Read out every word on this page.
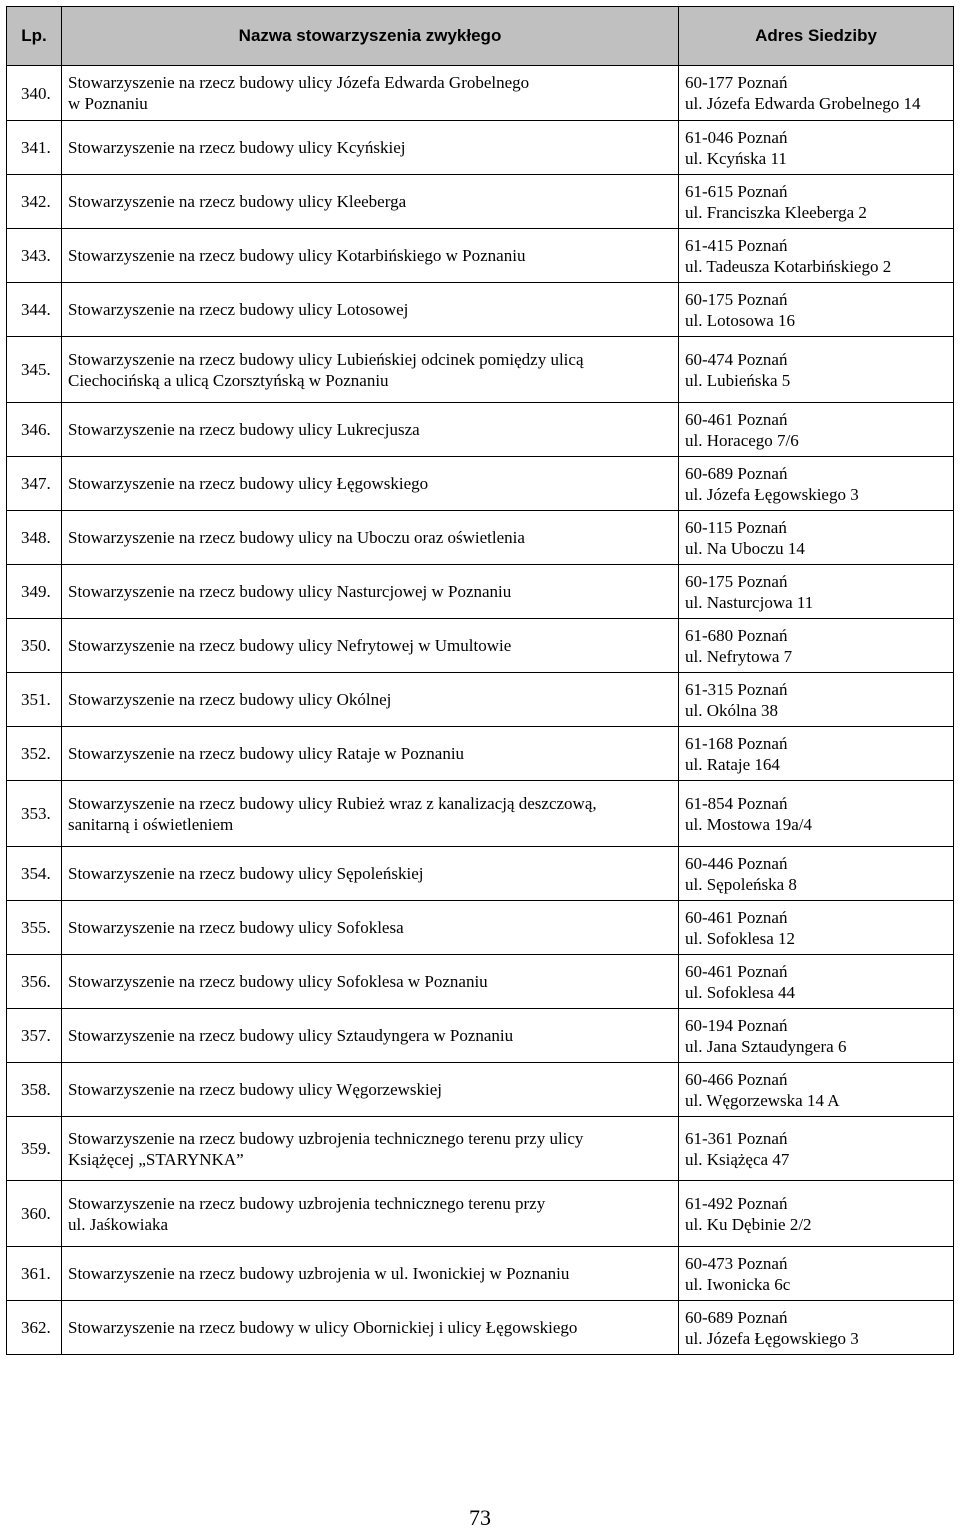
Lp.	Nazwa stowarzyszenia zwykłego	Adres Siedziby
340.	Stowarzyszenie na rzecz budowy ulicy Józefa Edwarda Grobelnego
w Poznaniu	60-177 Poznań
ul. Józefa Edwarda Grobelnego 14

341.	Stowarzyszenie na rzecz budowy ulicy Kcyńskiej	61-046 Poznań
ul. Kcyńska 11

342.	Stowarzyszenie na rzecz budowy ulicy Kleeberga	61-615 Poznań
ul. Franciszka Kleeberga 2

343.	Stowarzyszenie na rzecz budowy ulicy Kotarbińskiego w Poznaniu	61-415 Poznań
ul. Tadeusza Kotarbińskiego 2

344.	Stowarzyszenie na rzecz budowy ulicy Lotosowej	60-175 Poznań
ul. Lotosowa 16

345.	Stowarzyszenie na rzecz budowy ulicy Lubieńskiej odcinek pomiędzy ulicą
Ciechocińską a ulicą Czorsztyńską w Poznaniu	60-474 Poznań
ul. Lubieńska 5

346.	Stowarzyszenie na rzecz budowy ulicy Lukrecjusza	60-461 Poznań
ul. Horacego 7/6

347.	Stowarzyszenie na rzecz budowy ulicy Łęgowskiego	60-689 Poznań
ul. Józefa Łęgowskiego 3

348.	Stowarzyszenie na rzecz budowy ulicy na Uboczu oraz oświetlenia	60-115 Poznań
ul. Na Uboczu 14

349.	Stowarzyszenie na rzecz budowy ulicy Nasturcjowej w Poznaniu	60-175 Poznań
ul. Nasturcjowa 11

350.	Stowarzyszenie na rzecz budowy ulicy Nefrytowej w Umultowie	61-680 Poznań
ul. Nefrytowa 7

351.	Stowarzyszenie na rzecz budowy ulicy Okólnej	61-315 Poznań
ul. Okólna 38

352.	Stowarzyszenie na rzecz budowy ulicy Rataje w Poznaniu	61-168 Poznań
ul. Rataje 164

353.	Stowarzyszenie na rzecz budowy ulicy Rubież wraz z kanalizacją deszczową,
sanitarną i oświetleniem	61-854 Poznań
ul. Mostowa 19a/4

354.	Stowarzyszenie na rzecz budowy ulicy Sępoleńskiej	60-446 Poznań
ul. Sępoleńska 8

355.	Stowarzyszenie na rzecz budowy ulicy Sofoklesa	60-461 Poznań
ul. Sofoklesa 12

356.	Stowarzyszenie na rzecz budowy ulicy Sofoklesa w Poznaniu	60-461 Poznań
ul. Sofoklesa 44

357.	Stowarzyszenie na rzecz budowy ulicy Sztaudyngera w Poznaniu	60-194 Poznań
ul. Jana Sztaudyngera 6

358.	Stowarzyszenie na rzecz budowy ulicy Węgorzewskiej	60-466 Poznań
ul. Węgorzewska 14 A

359.	Stowarzyszenie na rzecz budowy uzbrojenia technicznego terenu przy ulicy
Książęcej „STARYNKA”	61-361 Poznań
ul. Książęca 47

360.	Stowarzyszenie na rzecz budowy uzbrojenia technicznego terenu przy
ul. Jaśkowiaka	61-492 Poznań
ul. Ku Dębinie 2/2

361.	Stowarzyszenie na rzecz budowy uzbrojenia w ul. Iwonickiej w Poznaniu	60-473 Poznań
ul. Iwonicka 6c

362.	Stowarzyszenie na rzecz budowy w ulicy Obornickiej i ulicy Łęgowskiego	60-689 Poznań
ul. Józefa Łęgowskiego 3
73
